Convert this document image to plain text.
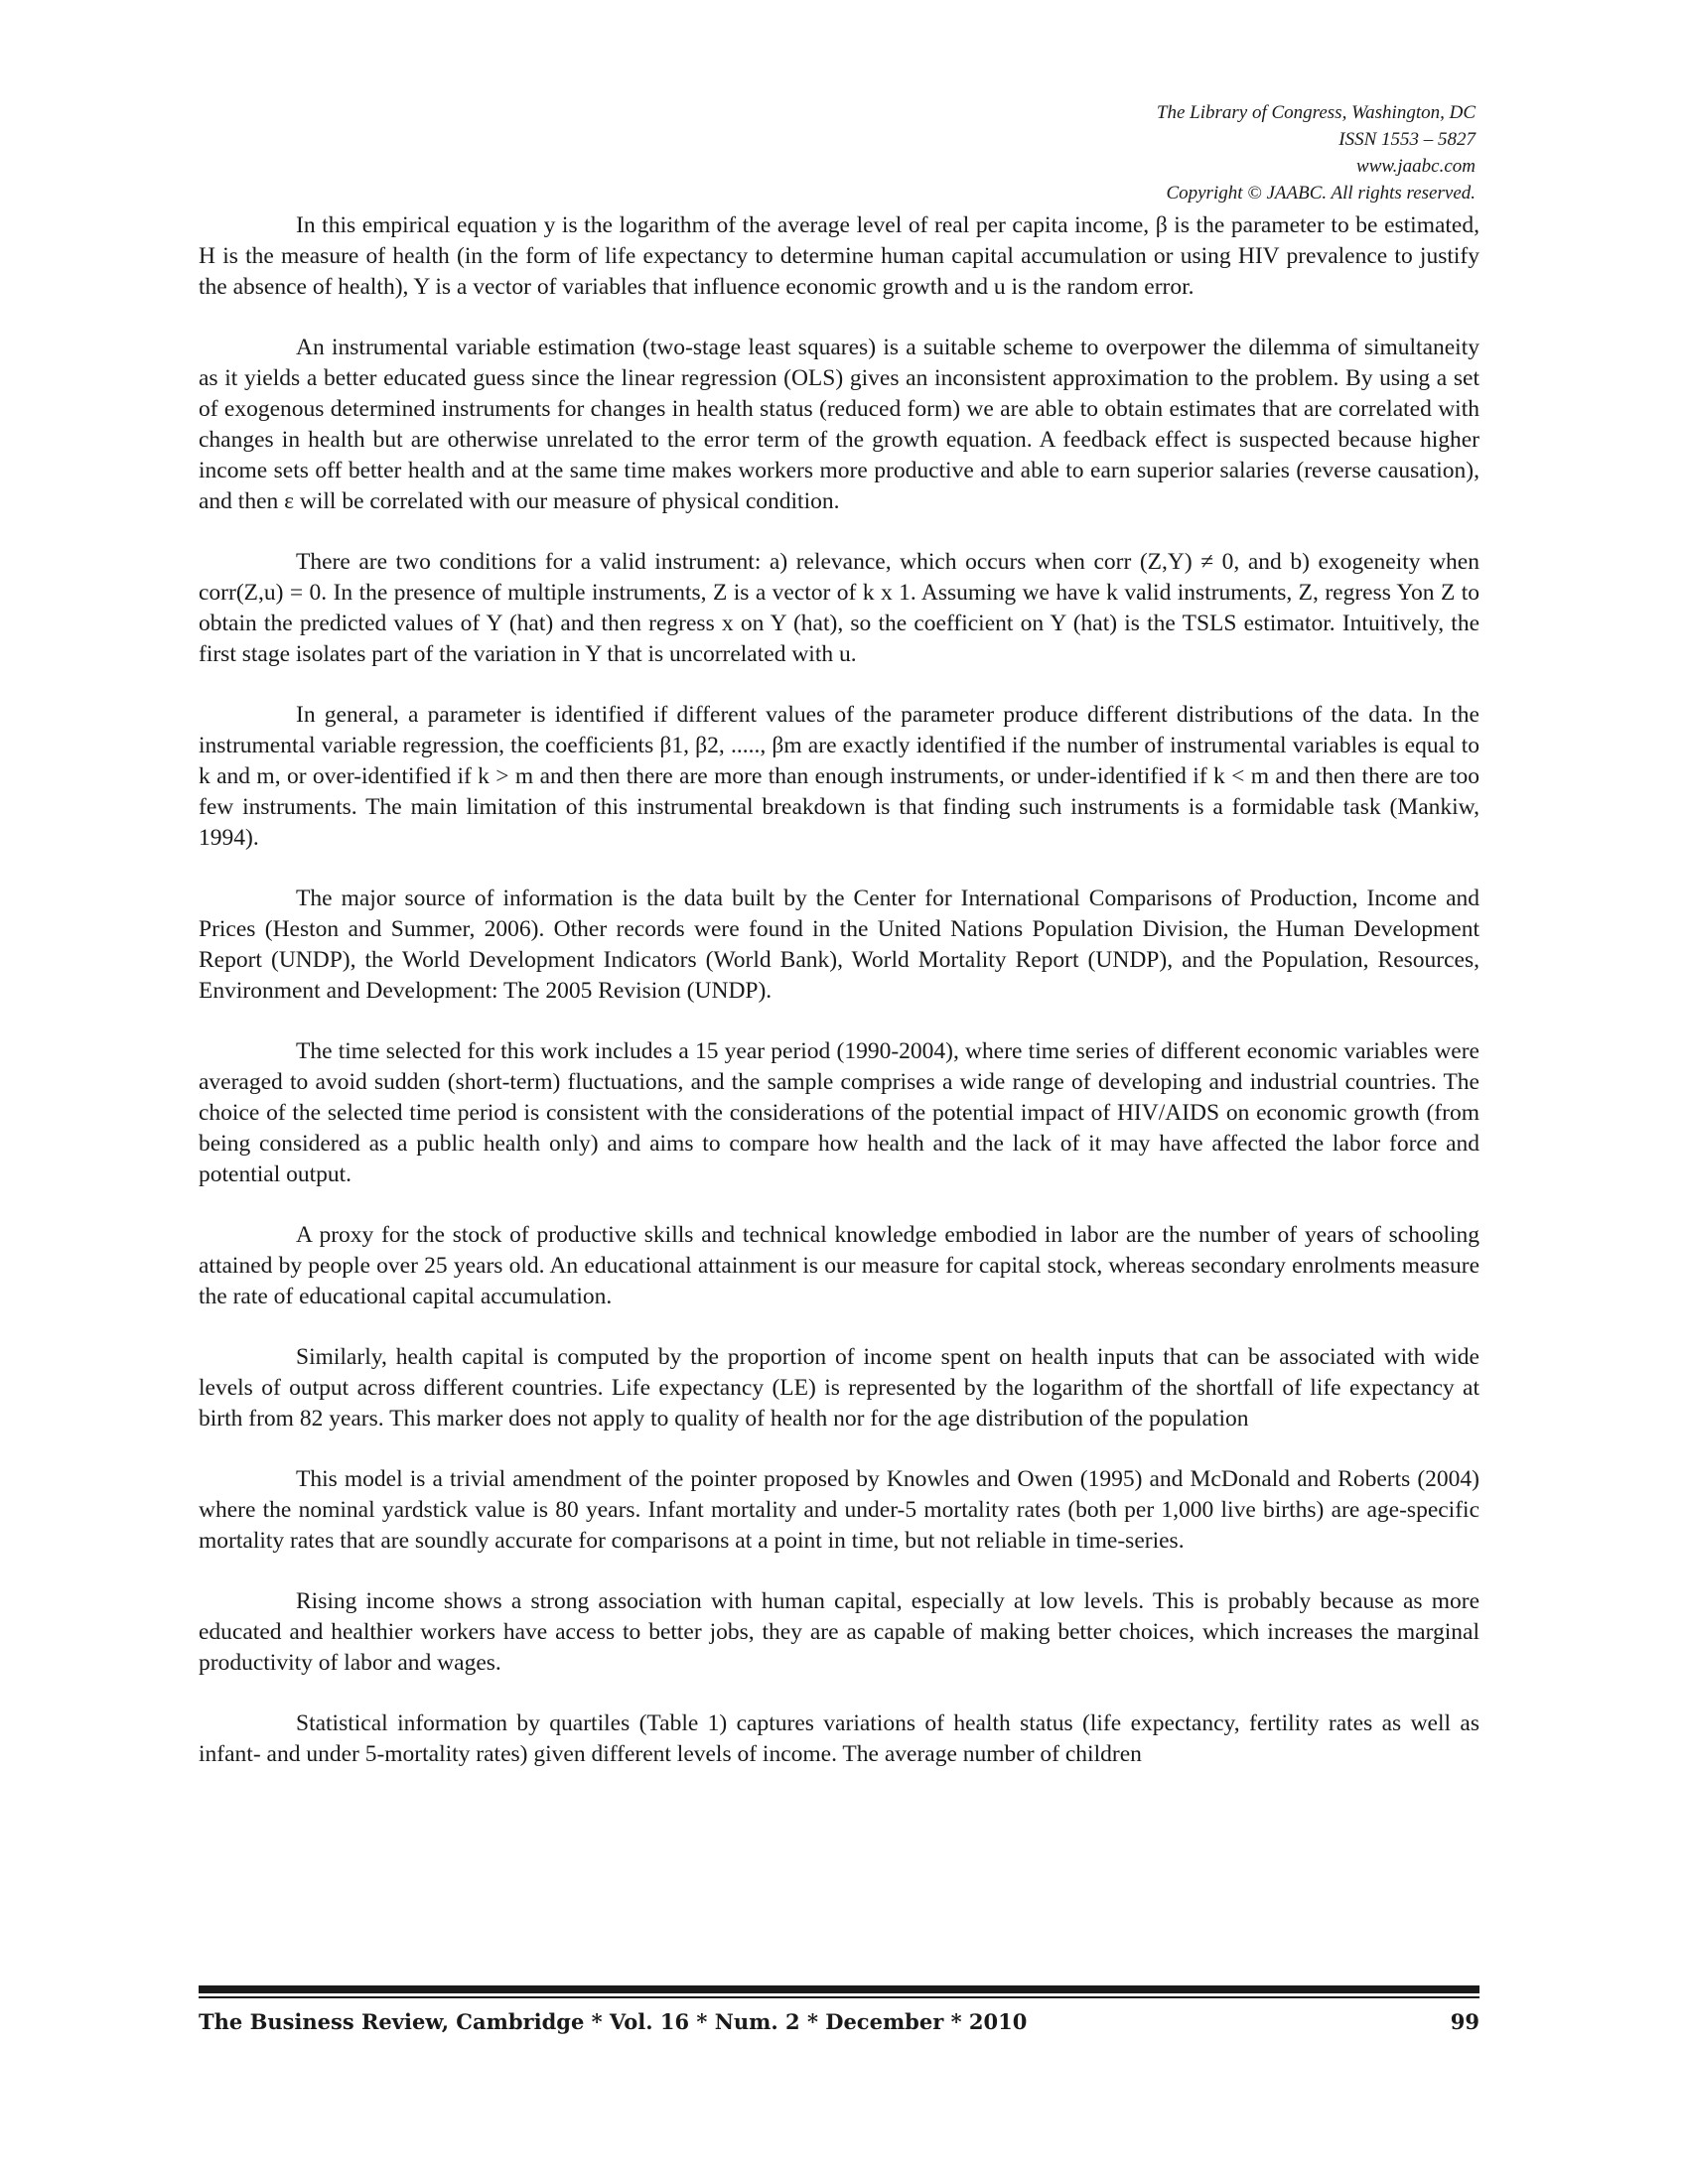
The Library of Congress, Washington, DC
ISSN 1553 – 5827
www.jaabc.com
Copyright © JAABC. All rights reserved.

In this empirical equation y is the logarithm of the average level of real per capita income, β is the parameter to be estimated, H is the measure of health (in the form of life expectancy to determine human capital accumulation or using HIV prevalence to justify the absence of health), Y is a vector of variables that influence economic growth and u is the random error.

An instrumental variable estimation (two-stage least squares) is a suitable scheme to overpower the dilemma of simultaneity as it yields a better educated guess since the linear regression (OLS) gives an inconsistent approximation to the problem. By using a set of exogenous determined instruments for changes in health status (reduced form) we are able to obtain estimates that are correlated with changes in health but are otherwise unrelated to the error term of the growth equation. A feedback effect is suspected because higher income sets off better health and at the same time makes workers more productive and able to earn superior salaries (reverse causation), and then ε will be correlated with our measure of physical condition.

There are two conditions for a valid instrument: a) relevance, which occurs when corr (Z,Y) ≠ 0, and b) exogeneity when corr(Z,u) = 0. In the presence of multiple instruments, Z is a vector of k x 1. Assuming we have k valid instruments, Z, regress Yon Z to obtain the predicted values of Y (hat) and then regress x on Y (hat), so the coefficient on Y (hat) is the TSLS estimator. Intuitively, the first stage isolates part of the variation in Y that is uncorrelated with u.

In general, a parameter is identified if different values of the parameter produce different distributions of the data. In the instrumental variable regression, the coefficients β1, β2, ....., βm are exactly identified if the number of instrumental variables is equal to k and m, or over-identified if k > m and then there are more than enough instruments, or under-identified if k < m and then there are too few instruments. The main limitation of this instrumental breakdown is that finding such instruments is a formidable task (Mankiw, 1994).

The major source of information is the data built by the Center for International Comparisons of Production, Income and Prices (Heston and Summer, 2006). Other records were found in the United Nations Population Division, the Human Development Report (UNDP), the World Development Indicators (World Bank), World Mortality Report (UNDP), and the Population, Resources, Environment and Development: The 2005 Revision (UNDP).

The time selected for this work includes a 15 year period (1990-2004), where time series of different economic variables were averaged to avoid sudden (short-term) fluctuations, and the sample comprises a wide range of developing and industrial countries. The choice of the selected time period is consistent with the considerations of the potential impact of HIV/AIDS on economic growth (from being considered as a public health only) and aims to compare how health and the lack of it may have affected the labor force and potential output.

A proxy for the stock of productive skills and technical knowledge embodied in labor are the number of years of schooling attained by people over 25 years old. An educational attainment is our measure for capital stock, whereas secondary enrolments measure the rate of educational capital accumulation.

Similarly, health capital is computed by the proportion of income spent on health inputs that can be associated with wide levels of output across different countries. Life expectancy (LE) is represented by the logarithm of the shortfall of life expectancy at birth from 82 years. This marker does not apply to quality of health nor for the age distribution of the population

This model is a trivial amendment of the pointer proposed by Knowles and Owen (1995) and McDonald and Roberts (2004) where the nominal yardstick value is 80 years. Infant mortality and under-5 mortality rates (both per 1,000 live births) are age-specific mortality rates that are soundly accurate for comparisons at a point in time, but not reliable in time-series.

Rising income shows a strong association with human capital, especially at low levels. This is probably because as more educated and healthier workers have access to better jobs, they are as capable of making better choices, which increases the marginal productivity of labor and wages.

Statistical information by quartiles (Table 1) captures variations of health status (life expectancy, fertility rates as well as infant- and under 5-mortality rates) given different levels of income. The average number of children

The Business Review, Cambridge * Vol. 16 * Num. 2 * December * 2010	99
